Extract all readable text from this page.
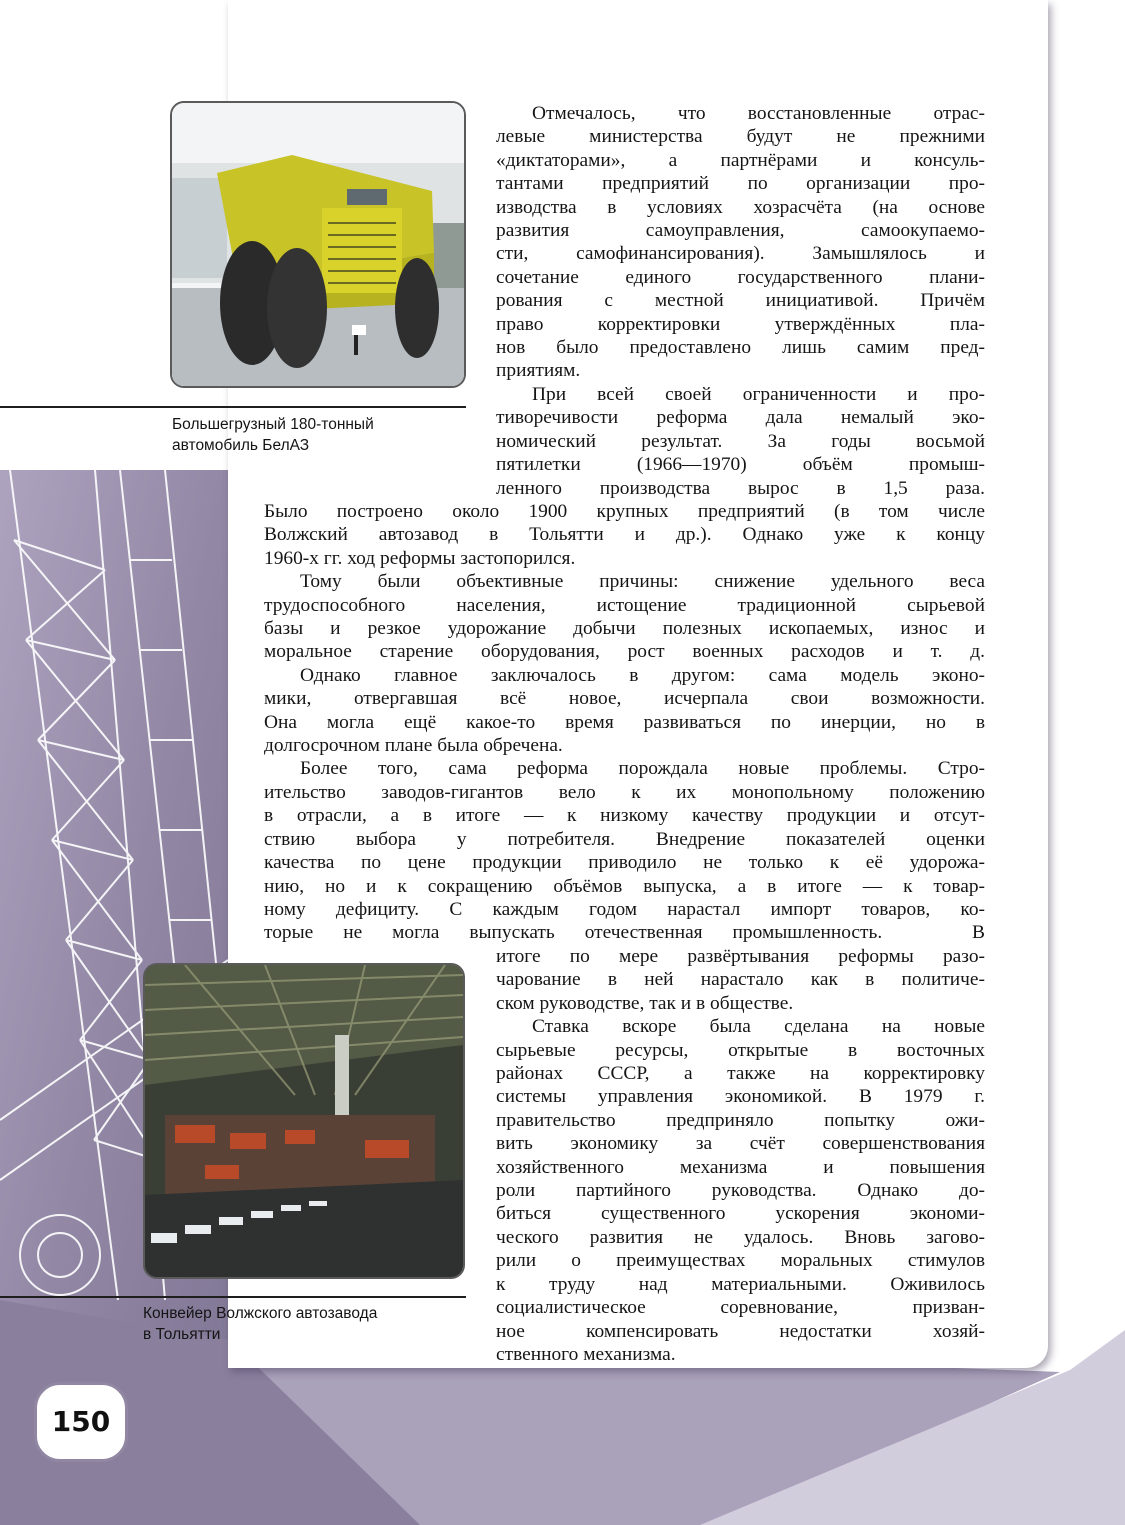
Большегрузный 180-тонный
автомобиль БелАЗ

Конвейер Волжского автозавода
в Тольятти

Отмечалось, что восстановленные отрас-
левые министерства будут не прежними
«диктаторами», а партнёрами и консуль-
тантами предприятий по организации про-
изводства в условиях хозрасчёта (на основе
развития самоуправления, самоокупаемо-
сти, самофинансирования). Замышлялось и
сочетание единого государственного плани-
рования с местной инициативой. Причём
право корректировки утверждённых пла-
нов было предоставлено лишь самим пред-
приятиям.
При всей своей ограниченности и про-
тиворечивости реформа дала немалый эко-
номический результат. За годы восьмой
пятилетки (1966—1970) объём промыш-
ленного производства вырос в 1,5 раза.
Было построено около 1900 крупных предприятий (в том числе
Волжский автозавод в Тольятти и др.). Однако уже к концу
1960-х гг. ход реформы застопорился.
Тому были объективные причины: снижение удельного веса
трудоспособного населения, истощение традиционной сырьевой
базы и резкое удорожание добычи полезных ископаемых, износ и
моральное старение оборудования, рост военных расходов и т. д.
Однако главное заключалось в другом: сама модель эконо-
мики, отвергавшая всё новое, исчерпала свои возможности.
Она могла ещё какое-то время развиваться по инерции, но в
долгосрочном плане была обречена.
Более того, сама реформа порождала новые проблемы. Стро-
ительство заводов-гигантов вело к их монопольному положению
в отрасли, а в итоге — к низкому качеству продукции и отсут-
ствию выбора у потребителя. Внедрение показателей оценки
качества по цене продукции приводило не только к её удорожа-
нию, но и к сокращению объёмов выпуска, а в итоге — к товар-
ному дефициту. С каждым годом нарастал импорт товаров, ко-
торые не могла выпускать отечественная промышленность.   В
итоге по мере развёртывания реформы разо-
чарование в ней нарастало как в политиче-
ском руководстве, так и в обществе.
Ставка вскоре была сделана на новые
сырьевые ресурсы, открытые в восточных
районах СССР, а также на корректировку
системы управления экономикой. В 1979 г.
правительство предприняло попытку ожи-
вить экономику за счёт совершенствования
хозяйственного механизма и повышения
роли партийного руководства. Однако до-
биться существенного ускорения экономи-
ческого развития не удалось. Вновь загово-
рили о преимуществах моральных стимулов
к труду над материальными. Оживилось
социалистическое соревнование, призван-
ное компенсировать недостатки хозяй-
ственного механизма.
150
